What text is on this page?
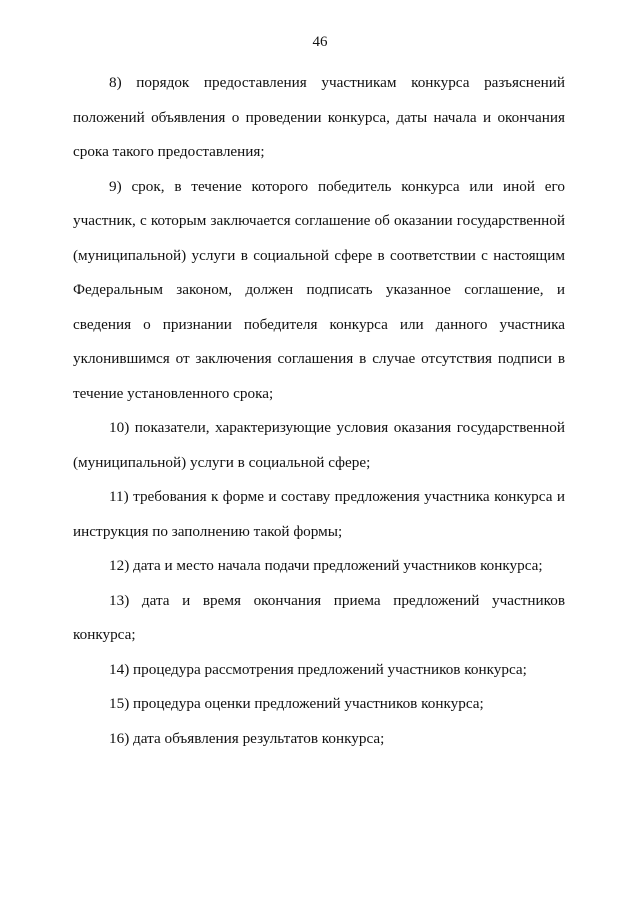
46

8) порядок предоставления участникам конкурса разъяснений положений объявления о проведении конкурса, даты начала и окончания срока такого предоставления;

9) срок, в течение которого победитель конкурса или иной его участник, с которым заключается соглашение об оказании государственной (муниципальной) услуги в социальной сфере в соответствии с настоящим Федеральным законом, должен подписать указанное соглашение, и сведения о признании победителя конкурса или данного участника уклонившимся от заключения соглашения в случае отсутствия подписи в течение установленного срока;

10) показатели, характеризующие условия оказания государственной (муниципальной) услуги в социальной сфере;

11) требования к форме и составу предложения участника конкурса и инструкция по заполнению такой формы;

12) дата и место начала подачи предложений участников конкурса;

13) дата и время окончания приема предложений участников конкурса;

14) процедура рассмотрения предложений участников конкурса;

15) процедура оценки предложений участников конкурса;

16) дата объявления результатов конкурса;
